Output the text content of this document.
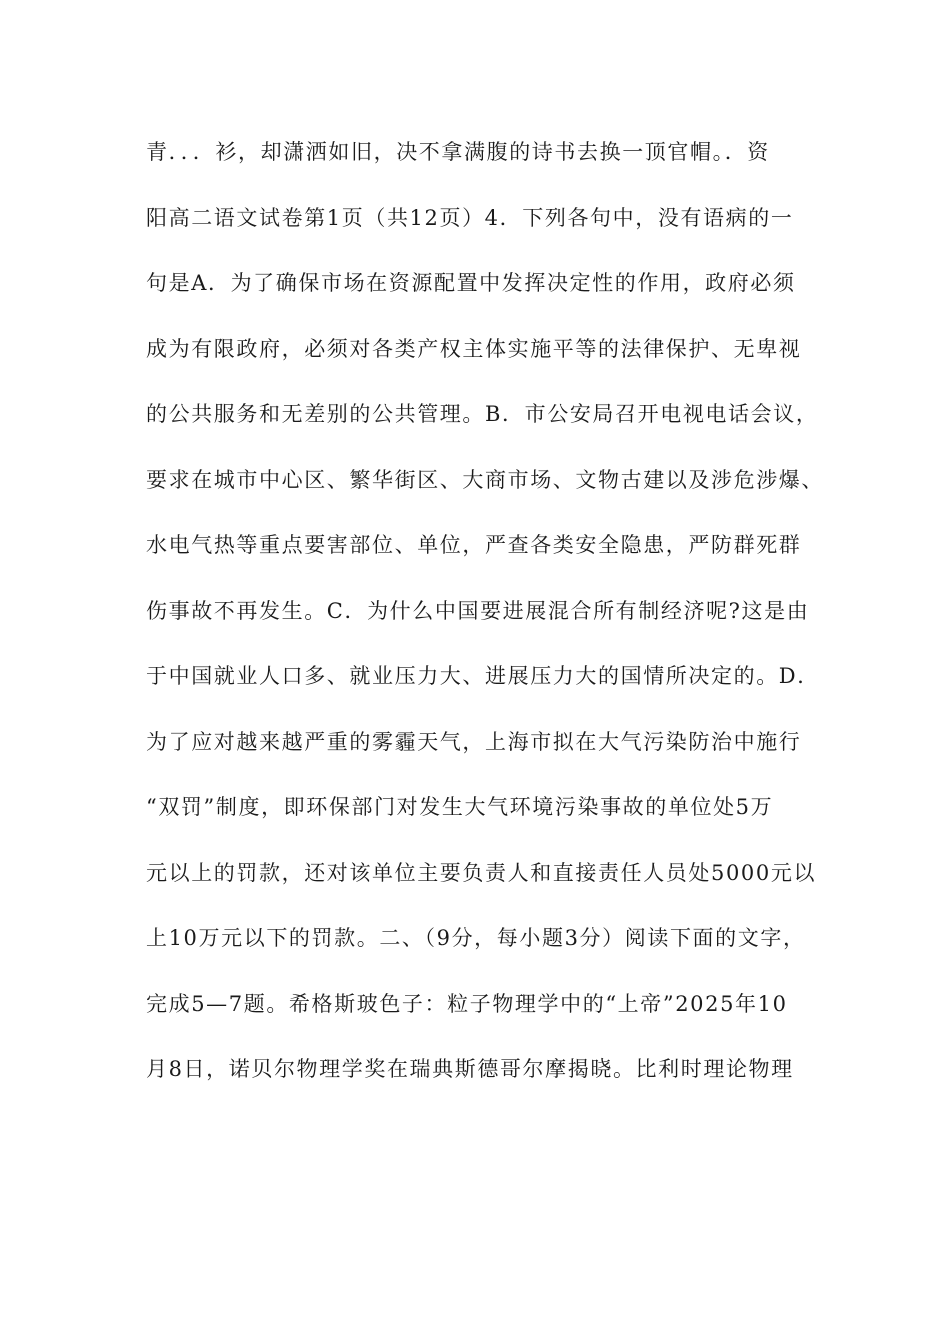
青．．．衫，却潇洒如旧，决不拿满腹的诗书去换一顶官帽。．资
阳高二语文试卷第1页（共12页）4．下列各句中，没有语病的一
句是A．为了确保市场在资源配置中发挥决定性的作用，政府必须
成为有限政府，必须对各类产权主体实施平等的法律保护、无卑视
的公共服务和无差别的公共管理。B．市公安局召开电视电话会议，
要求在城市中心区、繁华街区、大商市场、文物古建以及涉危涉爆、
水电气热等重点要害部位、单位，严查各类安全隐患，严防群死群
伤事故不再发生。C．为什么中国要进展混合所有制经济呢?这是由
于中国就业人口多、就业压力大、进展压力大的国情所决定的。D．
为了应对越来越严重的雾霾天气，上海市拟在大气污染防治中施行
“双罚”制度，即环保部门对发生大气环境污染事故的单位处5万
元以上的罚款，还对该单位主要负责人和直接责任人员处5000元以
上10万元以下的罚款。二、（9分，每小题3分）阅读下面的文字，
完成5—7题。希格斯玻色子：粒子物理学中的“上帝”2025年10
月8日，诺贝尔物理学奖在瑞典斯德哥尔摩揭晓。比利时理论物理
